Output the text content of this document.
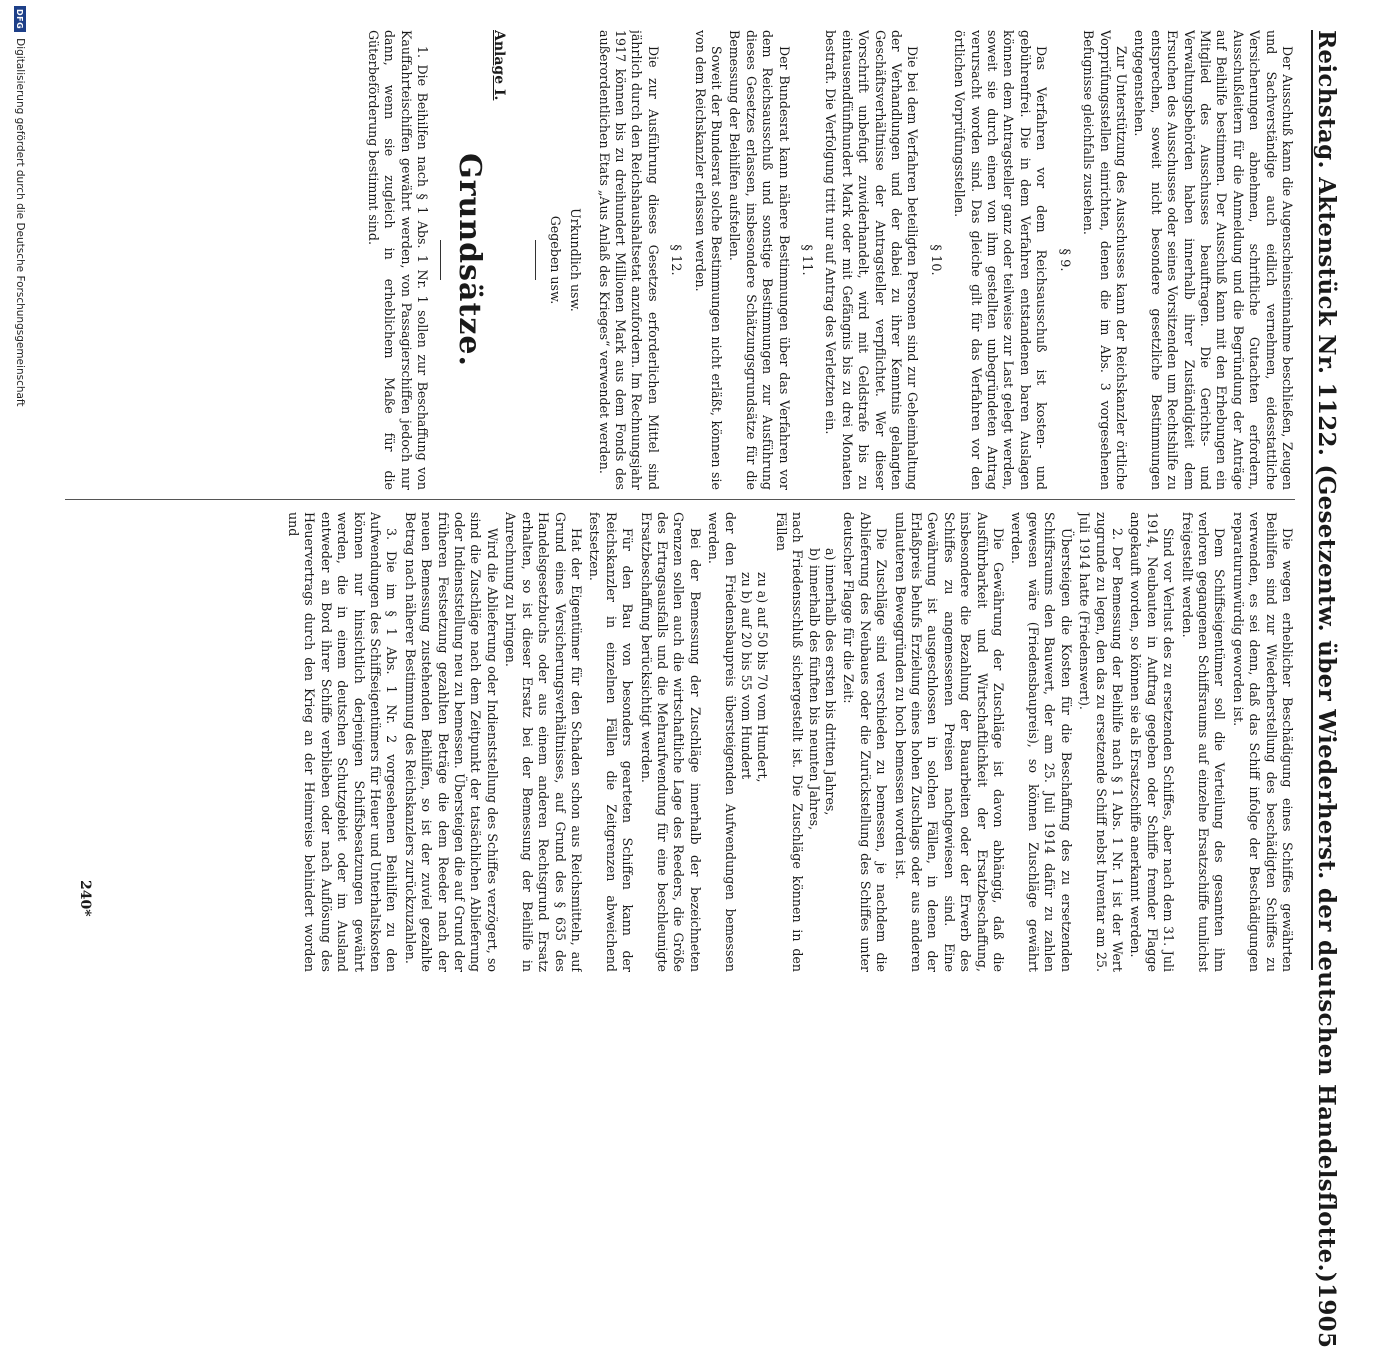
Reichstag. Aktenstück Nr. 1122. (Gesetzentw. über Wiederherst. der deutschen Handelsflotte.)
1905

Der Ausschuß kann die Augenscheinseinnahme beschließen, Zeugen und Sachverständige auch eidlich vernehmen, eidesstattliche Versicherungen abnehmen, schriftliche Gutachten erfordern, Ausschußleitern für die Anmeldung und die Begründung der Anträge auf Beihilfe bestimmen. Der Ausschuß kann mit den Erhebungen ein Mitglied des Ausschusses beauftragen. Die Gerichts- und Verwaltungsbehörden haben innerhalb ihrer Zuständigkeit dem Ersuchen des Ausschusses oder seines Vorsitzenden um Rechtshilfe zu entsprechen, soweit nicht besondere gesetzliche Bestimmungen entgegenstehen.

Zur Unterstützung des Ausschusses kann der Reichskanzler örtliche Vorprüfungsstellen einrichten, denen die im Abs. 3 vorgesehenen Befugnisse gleichfalls zustehen.

§ 9.

Das Verfahren vor dem Reichsausschuß ist kosten- und gebührenfrei. Die in dem Verfahren entstandenen baren Auslagen können dem Antragsteller ganz oder teilweise zur Last gelegt werden, soweit sie durch einen von ihm gestellten unbegründeten Antrag verursacht worden sind. Das gleiche gilt für das Verfahren vor den örtlichen Vorprüfungsstellen.

§ 10.

Die bei dem Verfahren beteiligten Personen sind zur Geheimhaltung der Verhandlungen und der dabei zu ihrer Kenntnis gelangten Geschäftsverhältnisse der Antragsteller verpflichtet. Wer dieser Vorschrift unbefugt zuwiderhandelt, wird mit Geldstrafe bis zu eintausendfünfhundert Mark oder mit Gefängnis bis zu drei Monaten bestraft. Die Verfolgung tritt nur auf Antrag des Verletzten ein.

§ 11.

Der Bundesrat kann nähere Bestimmungen über das Verfahren vor dem Reichsausschuß und sonstige Bestimmungen zur Ausführung dieses Gesetzes erlassen, insbesondere Schätzungsgrundsätze für die Bemessung der Beihilfen aufstellen.

Soweit der Bundesrat solche Bestimmungen nicht erläßt, können sie von dem Reichskanzler erlassen werden.

§ 12.

Die zur Ausführung dieses Gesetzes erforderlichen Mittel sind jährlich durch den Reichshaushaltsetat anzufordern. Im Rechnungsjahr 1917 können bis zu dreihundert Millionen Mark aus dem Fonds des außerordentlichen Etats „Aus Anlaß des Krieges“ verwendet werden.

Urkundlich usw.

Gegeben usw.

Anlage I.

Grundsätze.

1. Die Beihilfen nach § 1 Abs. 1 Nr. 1 sollen zur Beschaffung von Kauffahrteischiffen gewährt werden, von Passagierschiffen jedoch nur dann, wenn sie zugleich in erheblichem Maße für die Güterbeförderung bestimmt sind.

Die wegen erheblicher Beschädigung eines Schiffes gewährten Beihilfen sind zur Wiederherstellung des beschädigten Schiffes zu verwenden, es sei denn, daß das Schiff infolge der Beschädigungen reparaturunwürdig geworden ist.

Dem Schiffseigentümer soll die Verteilung des gesamten ihm verloren gegangenen Schiffsraums auf einzelne Ersatzschiffe tunlichst freigestellt werden.

Sind vor Verlust des zu ersetzenden Schiffes, aber nach dem 31. Juli 1914, Neubauten in Auftrag gegeben oder Schiffe fremder Flagge angekauft worden, so können sie als Ersatzschiffe anerkannt werden.

2. Der Bemessung der Beihilfe nach § 1 Abs. 1 Nr. 1 ist der Wert zugrunde zu legen, den das zu ersetzende Schiff nebst Inventar am 25. Juli 1914 hatte (Friedenswert).

Übersteigen die Kosten für die Beschaffung des zu ersetzenden Schiffsraums den Bauwert, der am 25. Juli 1914 dafür zu zahlen gewesen wäre (Friedensbaupreis), so können Zuschläge gewährt werden.

Die Gewährung der Zuschläge ist davon abhängig, daß die Ausführbarkeit und Wirtschaftlichkeit der Ersatzbeschaffung, insbesondere die Bezahlung der Bauarbeiten oder der Erwerb des Schiffes zu angemessenen Preisen nachgewiesen sind. Eine Gewährung ist ausgeschlossen in solchen Fällen, in denen der Erlaßpreis behufs Erzielung eines hohen Zuschlags oder aus anderen unlauteren Beweggründen zu hoch bemessen worden ist.

Die Zuschläge sind verschieden zu bemessen, je nachdem die Ablieferung des Neubaues oder die Zurückstellung des Schiffes unter deutscher Flagge für die Zeit:

a) innerhalb des ersten bis dritten Jahres,

b) innerhalb des fünften bis neunten Jahres,

nach Friedensschluß sichergestellt ist. Die Zuschläge können in den Fällen

zu a) auf 50 bis 70 vom Hundert,

zu b) auf 20 bis 55 vom Hundert

der den Friedensbaupreis übersteigenden Aufwendungen bemessen werden.

Bei der Bemessung der Zuschläge innerhalb der bezeichneten Grenzen sollen auch die wirtschaftliche Lage des Reeders, die Größe des Ertragsausfalls und die Mehraufwendung für eine beschleunigte Ersatzbeschaffung berücksichtigt werden.

Für den Bau von besonders gearteten Schiffen kann der Reichskanzler in einzelnen Fällen die Zeitgrenzen abweichend festsetzen.

Hat der Eigentümer für den Schaden schon aus Reichsmitteln, auf Grund eines Versicherungsverhältnisses, auf Grund des § 635 des Handelsgesetzbuchs oder aus einem anderen Rechtsgrund Ersatz erhalten, so ist dieser Ersatz bei der Bemessung der Beihilfe in Anrechnung zu bringen.

Wird die Ablieferung oder Indienststellung des Schiffes verzögert, so sind die Zuschläge nach dem Zeitpunkt der tatsächlichen Ablieferung oder Indienststellung neu zu bemessen. Übersteigen die auf Grund der früheren Festsetzung gezahlten Beträge die dem Reeder nach der neuen Bemessung zustehenden Beihilfen, so ist der zuviel gezahlte Betrag nach näherer Bestimmung des Reichskanzlers zurückzuzahlen.

3. Die im § 1 Abs. 1 Nr. 2 vorgesehenen Beihilfen zu den Aufwendungen des Schiffseigentümers für Heuer und Unterhaltskosten können nur hinsichtlich derjenigen Schiffsbesatzungen gewährt werden, die in einem deutschen Schutzgebiet oder im Ausland entweder an Bord ihrer Schiffe verblieben oder nach Auflösung des Heuervertrags durch den Krieg an der Heimreise behindert worden und

240*
DFG
Digitalisierung gefördert durch die Deutsche Forschungsgemeinschaft
